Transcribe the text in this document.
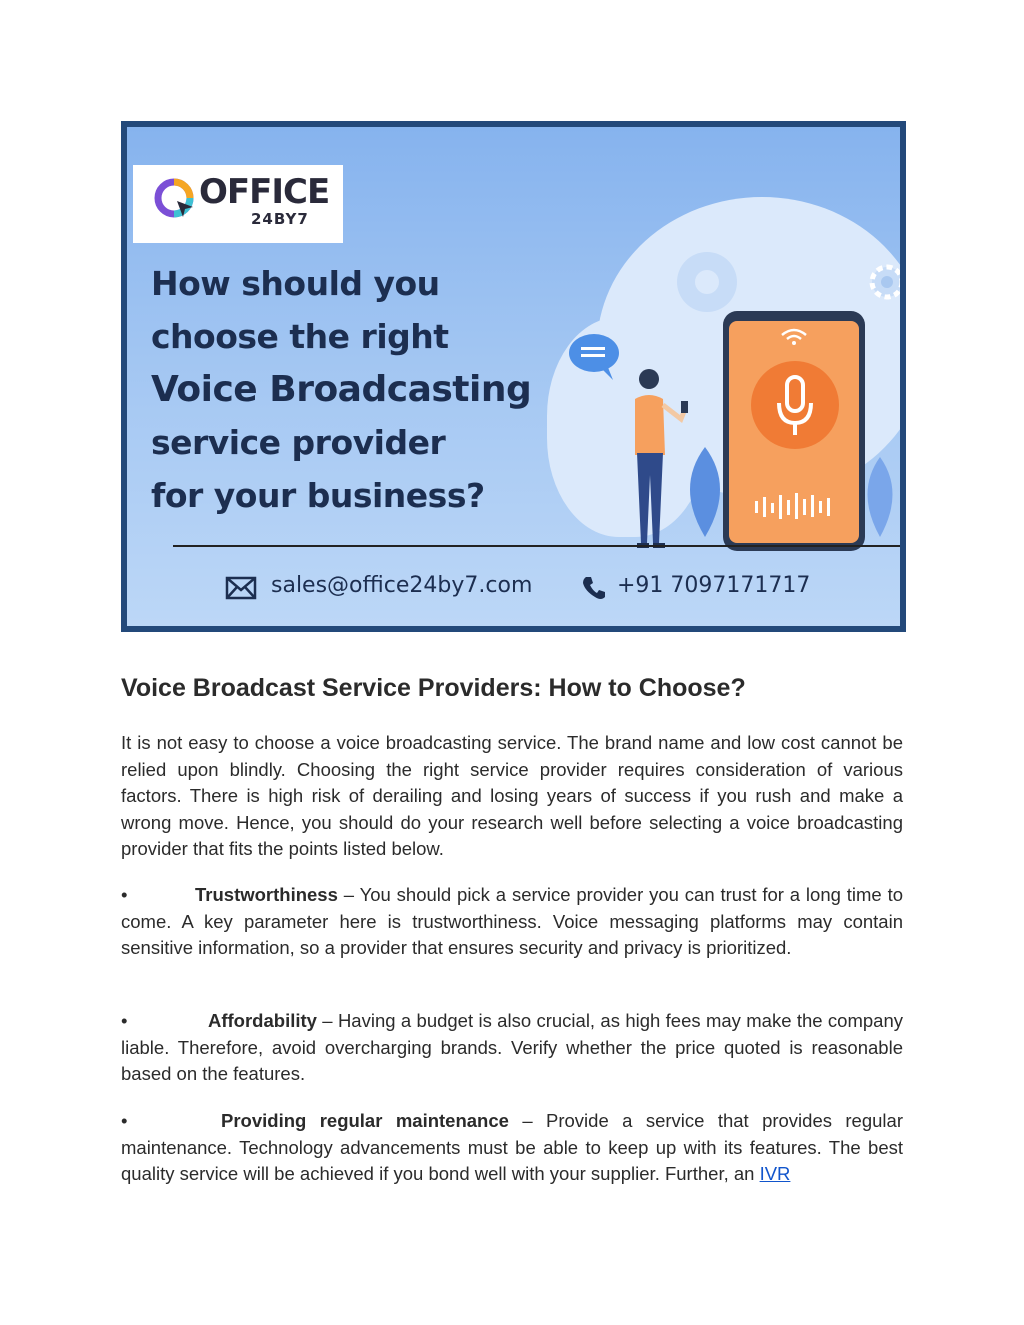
OFFICE
24BY7
How should you
choose the right
Voice Broadcasting
service provider
for your business?
sales@office24by7.com	+91 7097171717
Voice Broadcast Service Providers: How to Choose?

It is not easy to choose a voice broadcasting service. The brand name and low cost cannot be relied upon blindly. Choosing the right service provider requires consideration of various factors. There is high risk of derailing and losing years of success if you rush and make a wrong move. Hence, you should do your research well before selecting a voice broadcasting provider that fits the points listed below.

•	Trustworthiness – You should pick a service provider you can trust for a long time to come. A key parameter here is trustworthiness. Voice messaging platforms may contain sensitive information, so a provider that ensures security and privacy is prioritized.

•	Affordability – Having a budget is also crucial, as high fees may make the company liable. Therefore, avoid overcharging brands. Verify whether the price quoted is reasonable based on the features.

•	Providing regular maintenance – Provide a service that provides regular maintenance. Technology advancements must be able to keep up with its features. The best quality service will be achieved if you bond well with your supplier. Further, an IVR
